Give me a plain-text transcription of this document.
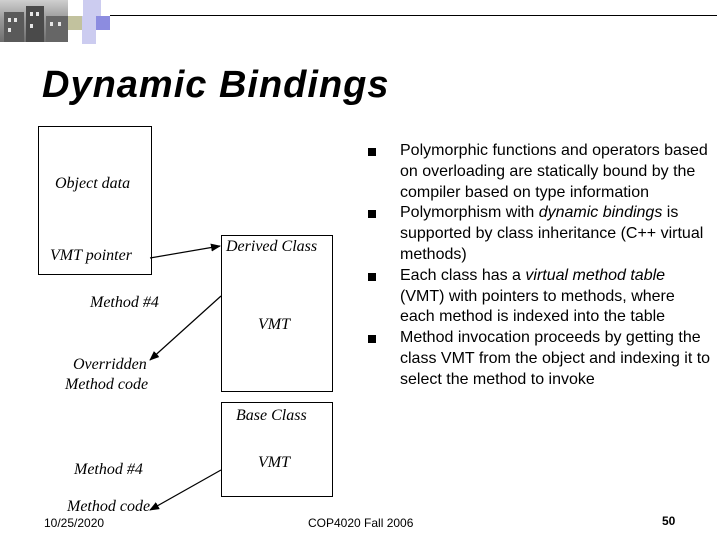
Dynamic Bindings
Object data
VMT pointer
Method #4
Overridden
Method code
Derived Class
VMT
Base Class
VMT
Method #4
Method code
Polymorphic functions and operators based on overloading are statically bound by the compiler based on type information
Polymorphism with dynamic bindings is supported by class inheritance (C++ virtual methods)
Each class has a virtual method table (VMT) with pointers to methods, where each method is indexed into the table
Method invocation proceeds by getting the class VMT from the object and indexing it to select the method to invoke
10/25/2020	COP4020 Fall 2006	50
